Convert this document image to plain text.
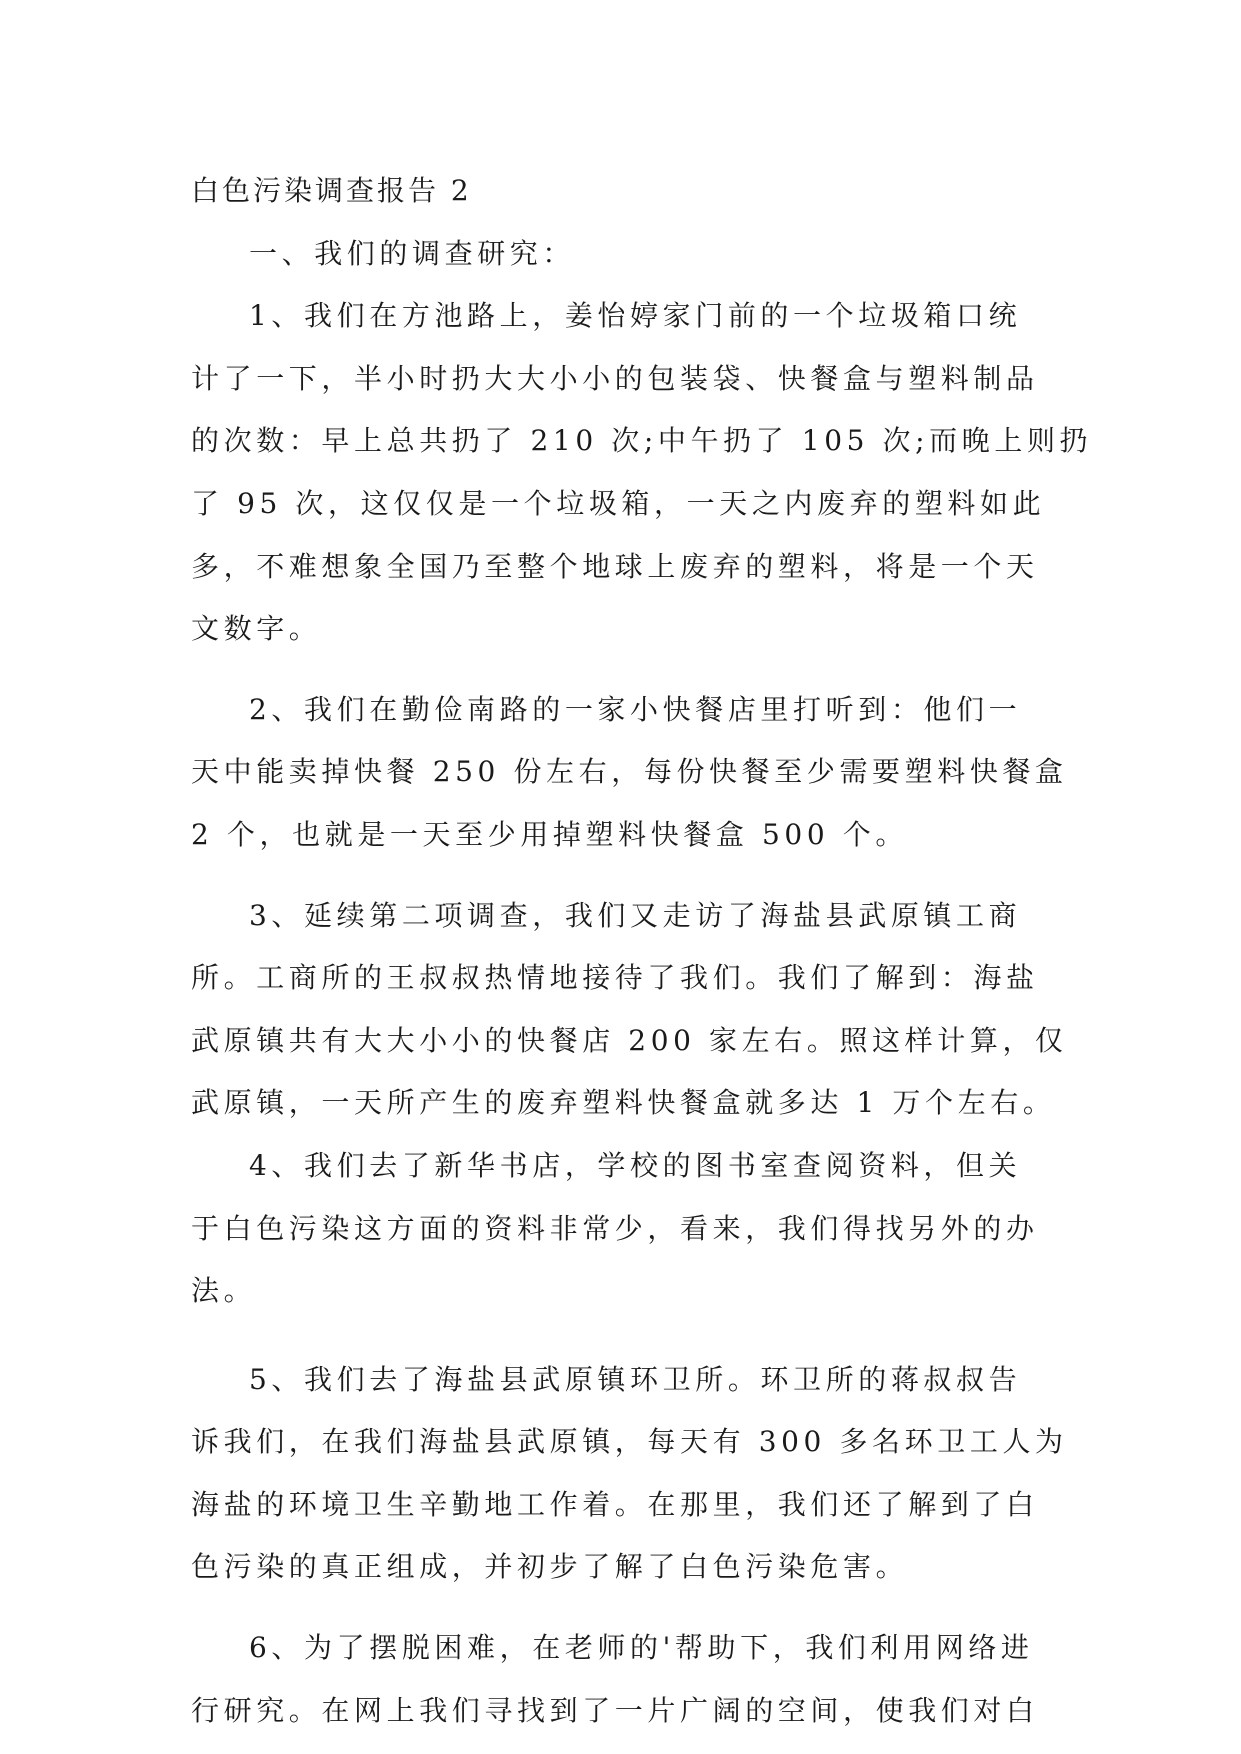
白色污染调查报告 2
一、我们的调查研究：
1、我们在方池路上，姜怡婷家门前的一个垃圾箱口统
计了一下，半小时扔大大小小的包装袋、快餐盒与塑料制品
的次数：早上总共扔了 210 次;中午扔了 105 次;而晚上则扔
了 95 次，这仅仅是一个垃圾箱，一天之内废弃的塑料如此
多，不难想象全国乃至整个地球上废弃的塑料，将是一个天
文数字。
2、我们在勤俭南路的一家小快餐店里打听到：他们一
天中能卖掉快餐 250 份左右，每份快餐至少需要塑料快餐盒
2 个，也就是一天至少用掉塑料快餐盒 500 个。
3、延续第二项调查，我们又走访了海盐县武原镇工商
所。工商所的王叔叔热情地接待了我们。我们了解到：海盐
武原镇共有大大小小的快餐店 200 家左右。照这样计算，仅
武原镇，一天所产生的废弃塑料快餐盒就多达 1 万个左右。
4、我们去了新华书店，学校的图书室查阅资料，但关
于白色污染这方面的资料非常少，看来，我们得找另外的办
法。
5、我们去了海盐县武原镇环卫所。环卫所的蒋叔叔告
诉我们，在我们海盐县武原镇，每天有 300 多名环卫工人为
海盐的环境卫生辛勤地工作着。在那里，我们还了解到了白
色污染的真正组成，并初步了解了白色污染危害。
6、为了摆脱困难，在老师的'帮助下，我们利用网络进
行研究。在网上我们寻找到了一片广阔的空间，使我们对白
